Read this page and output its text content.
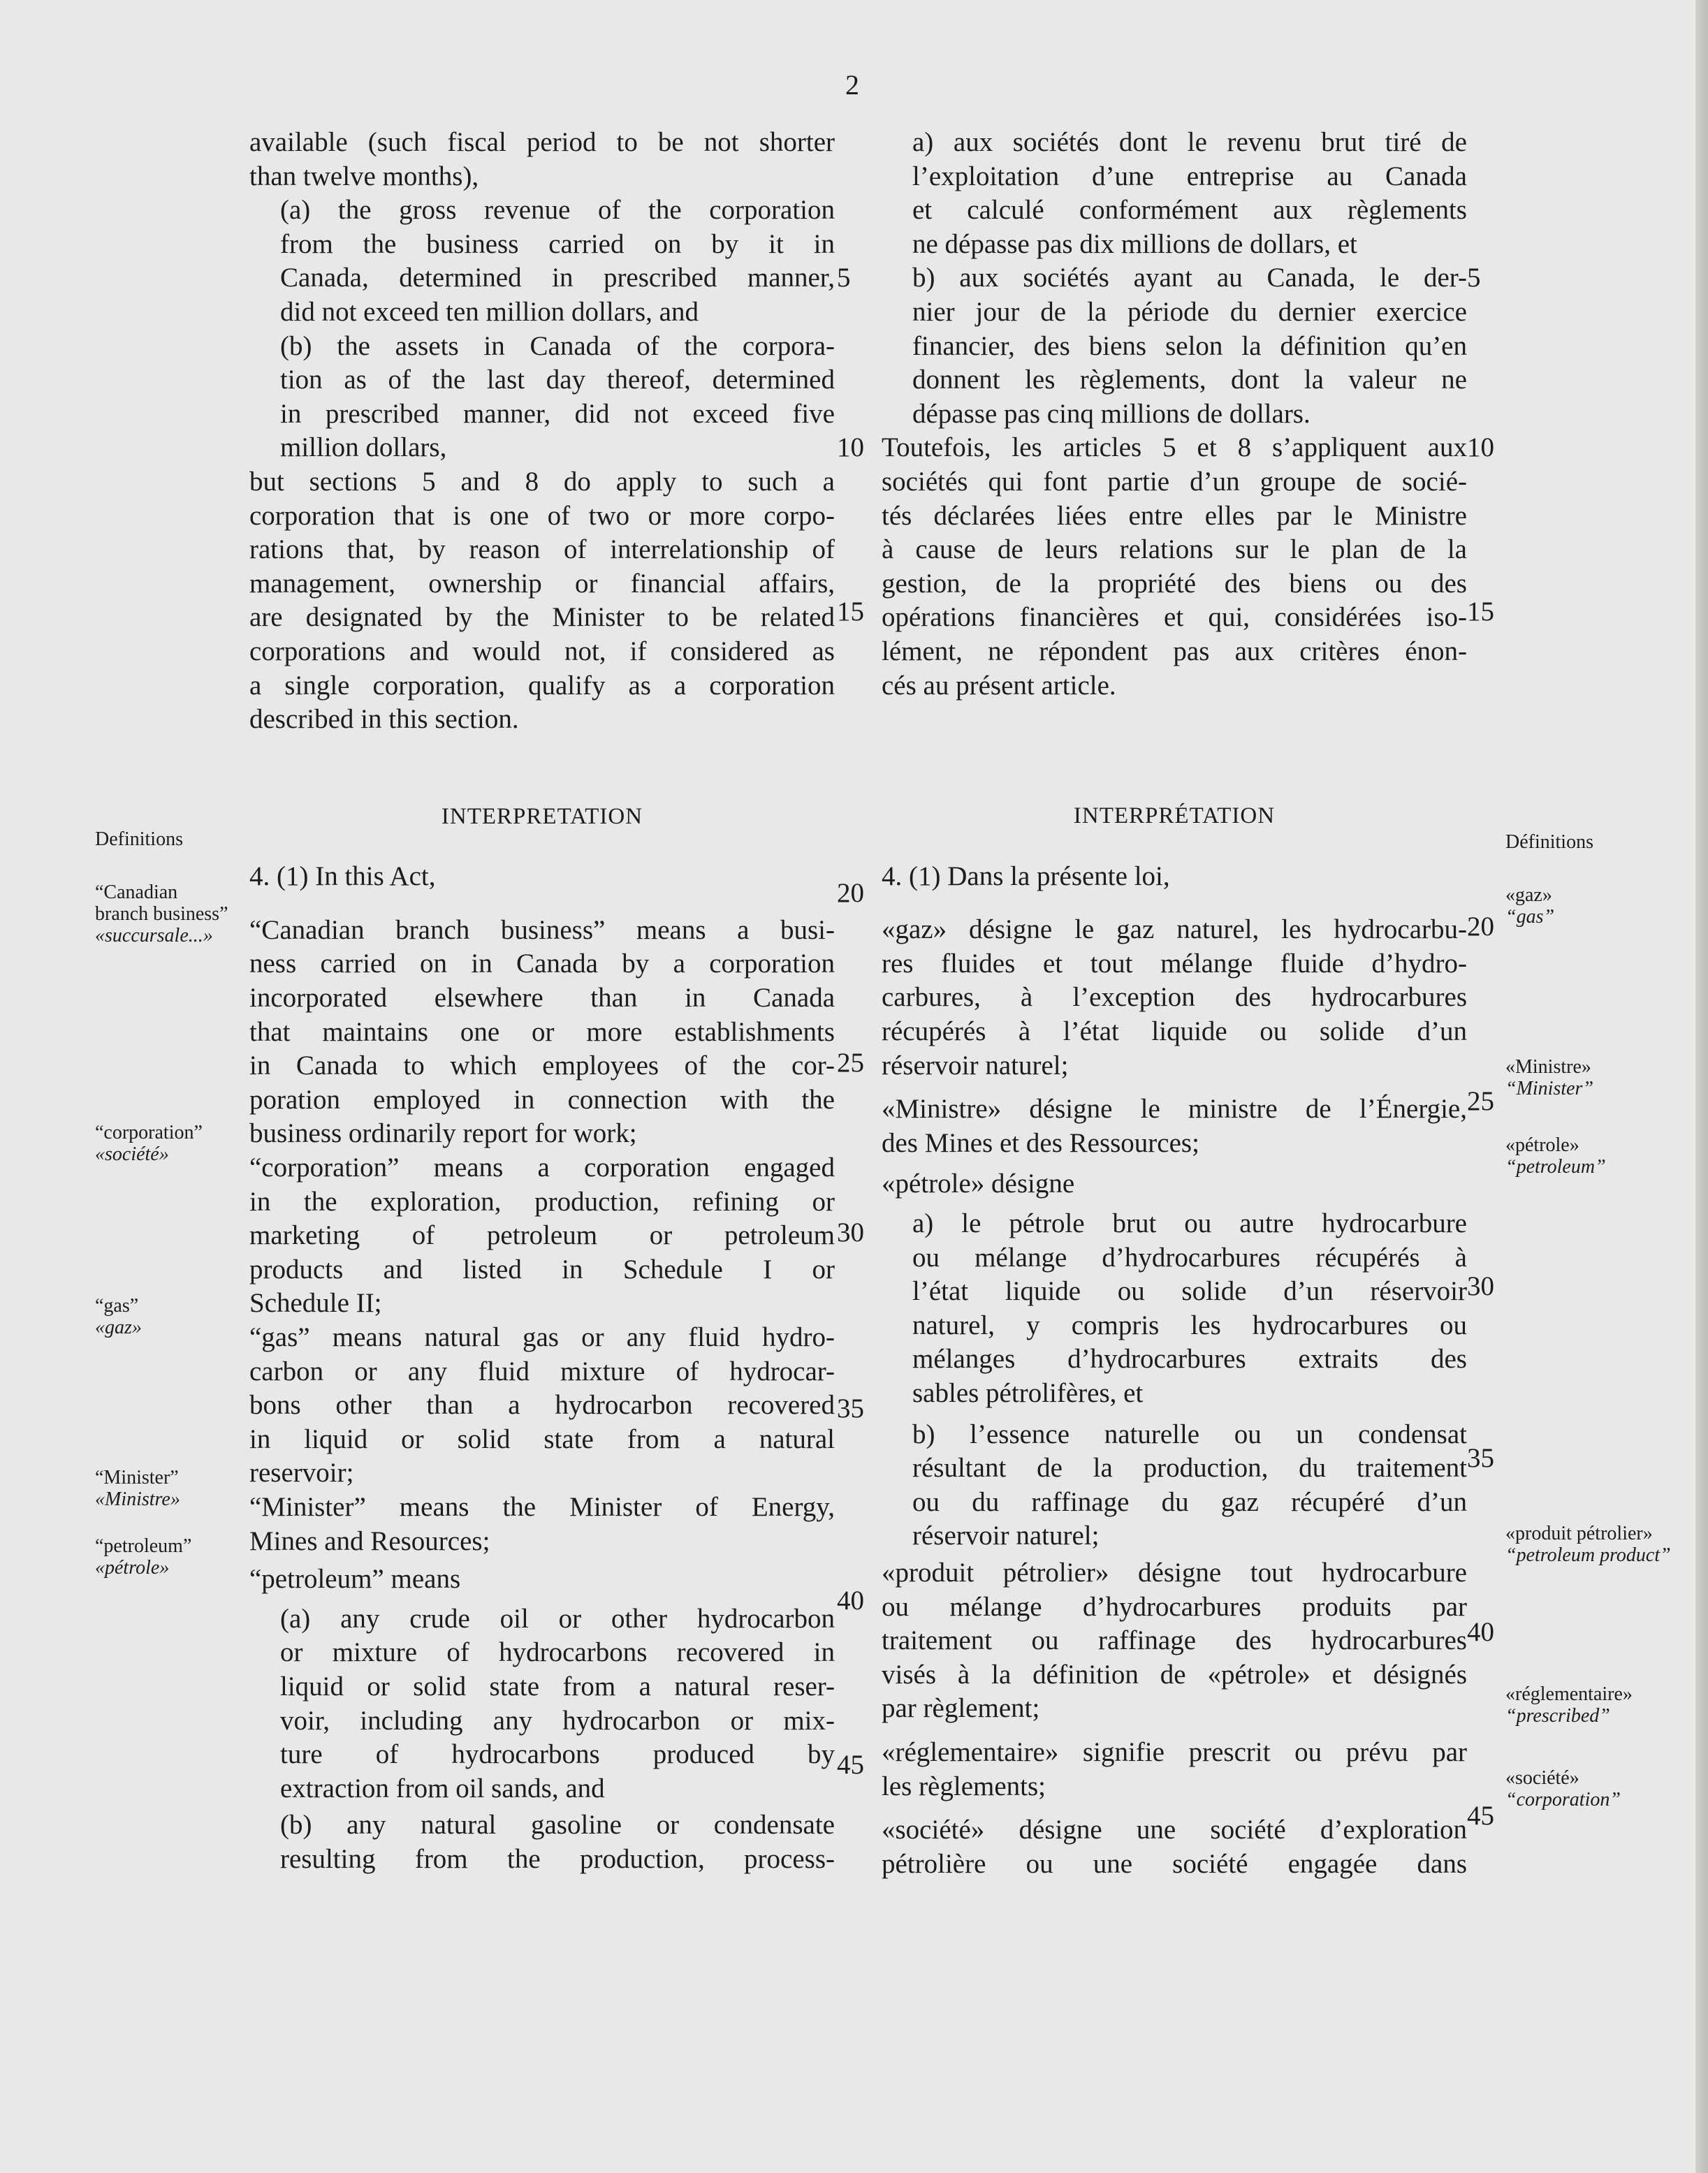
2
available (such fiscal period to be not shorter
than twelve months),
(a) the gross revenue of the corporation
from the business carried on by it in
Canada, determined in prescribed manner,
did not exceed ten million dollars, and
(b) the assets in Canada of the corpora-
tion as of the last day thereof, determined
in prescribed manner, did not exceed five
million dollars,
but sections 5 and 8 do apply to such a
corporation that is one of two or more corpo-
rations that, by reason of interrelationship of
management, ownership or financial affairs,
are designated by the Minister to be related
corporations and would not, if considered as
a single corporation, qualify as a corporation
described in this section.

INTERPRETATION

4. (1) In this Act,

“Canadian branch business” means a busi-
ness carried on in Canada by a corporation
incorporated elsewhere than in Canada
that maintains one or more establishments
in Canada to which employees of the cor-
poration employed in connection with the
business ordinarily report for work;
“corporation” means a corporation engaged
in the exploration, production, refining or
marketing of petroleum or petroleum
products and listed in Schedule I or
Schedule II;
“gas” means natural gas or any fluid hydro-
carbon or any fluid mixture of hydrocar-
bons other than a hydrocarbon recovered
in liquid or solid state from a natural
reservoir;
“Minister” means the Minister of Energy,
Mines and Resources;

“petroleum” means

(a) any crude oil or other hydrocarbon
or mixture of hydrocarbons recovered in
liquid or solid state from a natural reser-
voir, including any hydrocarbon or mix-
ture of hydrocarbons produced by
extraction from oil sands, and
(b) any natural gasoline or condensate
resulting from the production, process-
a) aux sociétés dont le revenu brut tiré de
l’exploitation d’une entreprise au Canada
et calculé conformément aux règlements
ne dépasse pas dix millions de dollars, et
b) aux sociétés ayant au Canada, le der-
nier jour de la période du dernier exercice
financier, des biens selon la définition qu’en
donnent les règlements, dont la valeur ne
dépasse pas cinq millions de dollars.
Toutefois, les articles 5 et 8 s’appliquent aux
sociétés qui font partie d’un groupe de socié-
tés déclarées liées entre elles par le Ministre
à cause de leurs relations sur le plan de la
gestion, de la propriété des biens ou des
opérations financières et qui, considérées iso-
lément, ne répondent pas aux critères énon-
cés au présent article.

INTERPRÉTATION

4. (1) Dans la présente loi,

«gaz» désigne le gaz naturel, les hydrocarbu-
res fluides et tout mélange fluide d’hydro-
carbures, à l’exception des hydrocarbures
récupérés à l’état liquide ou solide d’un
réservoir naturel;
«Ministre» désigne le ministre de l’Énergie,
des Mines et des Ressources;

«pétrole» désigne

a) le pétrole brut ou autre hydrocarbure
ou mélange d’hydrocarbures récupérés à
l’état liquide ou solide d’un réservoir
naturel, y compris les hydrocarbures ou
mélanges d’hydrocarbures extraits des
sables pétrolifères, et
b) l’essence naturelle ou un condensat
résultant de la production, du traitement
ou du raffinage du gaz récupéré d’un
réservoir naturel;
«produit pétrolier» désigne tout hydrocarbure
ou mélange d’hydrocarbures produits par
traitement ou raffinage des hydrocarbures
visés à la définition de «pétrole» et désignés
par règlement;
«réglementaire» signifie prescrit ou prévu par
les règlements;
«société» désigne une société d’exploration
pétrolière ou une société engagée dans
5
10
15
20
25
30
35
40
45
5
10
15
20
25
30
35
40
45
Definitions
“Canadian branch business”
«succursale...»
“corporation”
«société»
“gas”
«gaz»
“Minister”
«Ministre»
“petroleum”
«pétrole»
Définitions
«gaz»
“gas”
«Ministre»
“Minister”
«pétrole»
“petroleum”
«produit pétrolier»
“petroleum product”
«réglementaire»
“prescribed”
«société»
“corporation”
